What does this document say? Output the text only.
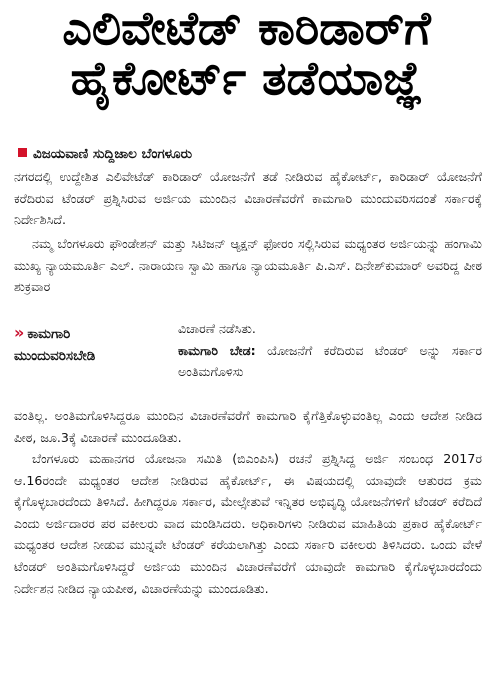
ಎಲಿವೇಟೆಡ್ ಕಾರಿಡಾರ್‌ಗೆ
ಹೈಕೋರ್ಟ್ ತಡೆಯಾಜ್ಞೆ
ವಿಜಯವಾಣಿ ಸುದ್ದಿಜಾಲ ಬೆಂಗಳೂರು
ನಗರದಲ್ಲಿ ಉದ್ದೇಶಿತ ಎಲಿವೇಟೆಡ್ ಕಾರಿಡಾರ್ ಯೋಜನೆಗೆ ತಡೆ ನೀಡಿರುವ ಹೈಕೋರ್ಟ್, ಕಾರಿಡಾರ್ ಯೋಜನೆಗೆ ಕರೆದಿರುವ ಟೆಂಡರ್ ಪ್ರಶ್ನಿಸಿರುವ ಅರ್ಜಿಯ ಮುಂದಿನ ವಿಚಾರಣೆವರೆಗೆ ಕಾಮಗಾರಿ ಮುಂದುವರಿಸದಂತೆ ಸರ್ಕಾರಕ್ಕೆ ನಿರ್ದೇಶಿಸಿದೆ.
ನಮ್ಮ ಬೆಂಗಳೂರು ಫೌಂಡೇಶನ್ ಮತ್ತು ಸಿಟಿಜನ್ ಆ್ಯಕ್ಷನ್ ಫೋರಂ ಸಲ್ಲಿಸಿರುವ ಮಧ್ಯಂತರ ಅರ್ಜಿಯನ್ನು ಹಂಗಾಮಿ ಮುಖ್ಯ ನ್ಯಾಯಮೂರ್ತಿ ಎಲ್. ನಾರಾಯಣ ಸ್ವಾಮಿ ಹಾಗೂ ನ್ಯಾಯಮೂರ್ತಿ ಪಿ.ಎಸ್. ದಿನೇಶ್‌ಕುಮಾರ್ ಅವರಿದ್ದ ಪೀಠ ಶುಕ್ರವಾರ
» ಕಾಮಗಾರಿ
ಮುಂದುವರಿಸಬೇಡಿ
ವಿಚಾರಣೆ ನಡೆಸಿತು.
ಕಾಮಗಾರಿ ಬೇಡ: ಯೋಜನೆಗೆ ಕರೆದಿರುವ ಟೆಂಡರ್ ಅನ್ನು ಸರ್ಕಾರ ಅಂತಿಮಗೊಳಿಸು
ವಂತಿಲ್ಲ. ಅಂತಿಮಗೊಳಿಸಿದ್ದರೂ ಮುಂದಿನ ವಿಚಾರಣೆವರೆಗೆ ಕಾಮಗಾರಿ ಕೈಗೆತ್ತಿಕೊಳ್ಳುವಂತಿಲ್ಲ ಎಂದು ಆದೇಶ ನೀಡಿದ ಪೀಠ, ಜೂ.3ಕ್ಕೆ ವಿಚಾರಣೆ ಮುಂದೂಡಿತು.
ಬೆಂಗಳೂರು ಮಹಾನಗರ ಯೋಜನಾ ಸಮಿತಿ (ಬಿಎಂಪಿಸಿ) ರಚನೆ ಪ್ರಶ್ನಿಸಿದ್ದ ಅರ್ಜಿ ಸಂಬಂಧ 2017ರ ಆ.16ರಂದೇ ಮಧ್ಯಂತರ ಆದೇಶ ನೀಡಿರುವ ಹೈಕೋರ್ಟ್, ಈ ವಿಷಯದಲ್ಲಿ ಯಾವುದೇ ಆತುರದ ಕ್ರಮ ಕೈಗೊಳ್ಳಬಾರದೆಂದು ತಿಳಿಸಿದೆ. ಹೀಗಿದ್ದರೂ ಸರ್ಕಾರ, ಮೇಲ್ಸೇತುವೆ ಇನ್ನಿತರ ಅಭಿವೃದ್ಧಿ ಯೋಜನೆಗಳಿಗೆ ಟೆಂಡರ್ ಕರೆದಿದೆ ಎಂದು ಅರ್ಜಿದಾರರ ಪರ ವಕೀಲರು ವಾದ ಮಂಡಿಸಿದರು. ಅಧಿಕಾರಿಗಳು ನೀಡಿರುವ ಮಾಹಿತಿಯ ಪ್ರಕಾರ ಹೈಕೋರ್ಟ್ ಮಧ್ಯಂತರ ಆದೇಶ ನೀಡುವ ಮುನ್ನವೇ ಟೆಂಡರ್ ಕರೆಯಲಾಗಿತ್ತು ಎಂದು ಸರ್ಕಾರಿ ವಕೀಲರು ತಿಳಿಸಿದರು. ಒಂದು ವೇಳೆ ಟೆಂಡರ್ ಅಂತಿಮಗೊಳಿಸಿದ್ದರೆ ಅರ್ಜಿಯ ಮುಂದಿನ ವಿಚಾರಣೆವರೆಗೆ ಯಾವುದೇ ಕಾಮಗಾರಿ ಕೈಗೊಳ್ಳಬಾರದೆಂದು ನಿರ್ದೇಶನ ನೀಡಿದ ನ್ಯಾಯಪೀಠ, ವಿಚಾರಣೆಯನ್ನು ಮುಂದೂಡಿತು.
